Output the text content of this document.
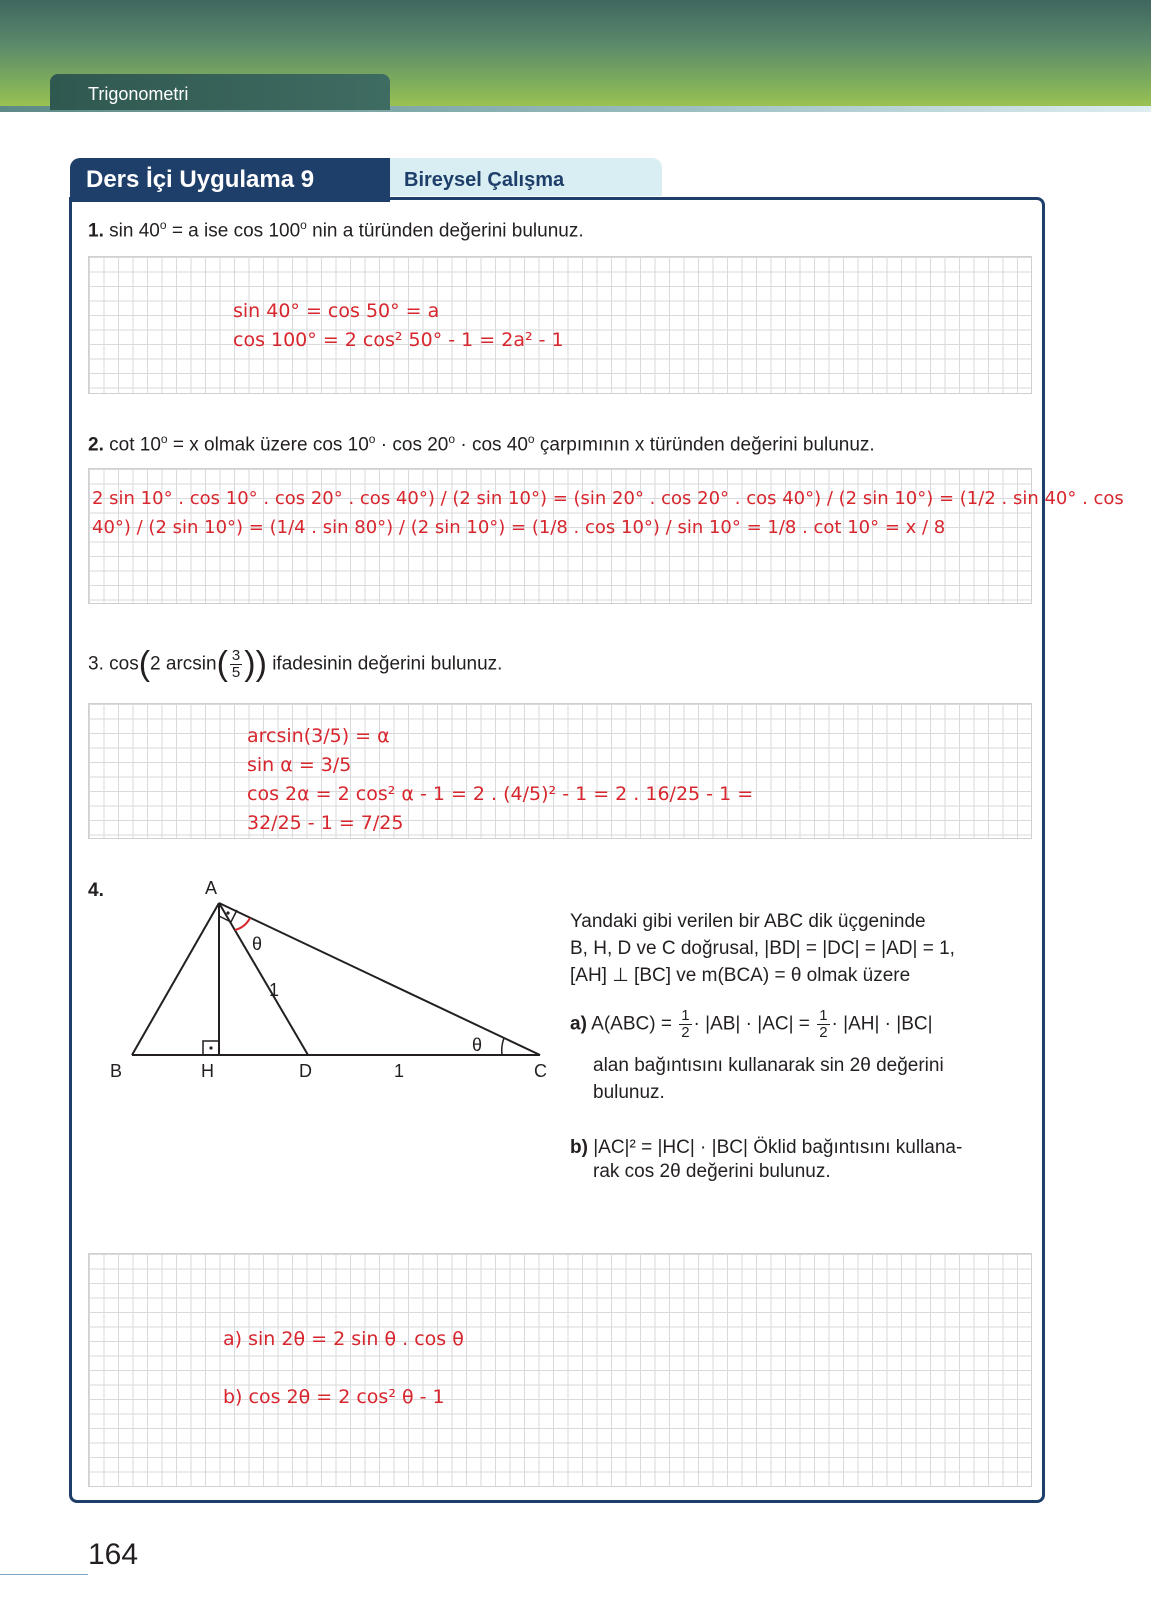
Trigonometri
Ders İçi Uygulama 9	Bireysel Çalışma
1. $\sin 40^o = a$ ise cos 100$^o$ nin a türünden değerini bulunuz.
sin 40° = cos 50° = a
cos 100° = 2 cos² 50° - 1 = 2a² - 1
2. $\cot 10^o = x$ olmak üzere $\cos 10^o \cdot \cos 20^o \cdot \cos 40^o$ çarpımının x türünden değerini bulunuz.
2 sin 10° . cos 10° . cos 20° . cos 40°) / (2 sin 10°) = (sin 20° . cos 20° . cos 40°) / (2 sin 10°) = (1/2 . sin 40° . cos
40°) / (2 sin 10°) = (1/4 . sin 80°) / (2 sin 10°) = (1/8 . cos 10°) / sin 10° = 1/8 . cot 10° = x / 8
3. cos(2 $\arcsin( \frac{3}{5}$ )) ifadesinin değerini bulunuz.
arcsin(3/5) = α
sin α = 3/5
cos 2α = 2 cos² α - 1 = 2 . (4/5)² - 1 = 2 . 16/25 - 1 =
32/25 - 1 = 7/25
4.	A
B	H	D	C
1
1
θ
θ
Yandaki gibi verilen bir ABC dik üçgeninde
B, H, D ve C doğrusal, |BD| = |DC| = |AD| = 1,
[AH] ⊥ [BC] ve m(BCA) = θ olmak üzere
a) $A(ABC) = \frac{1}{2} \cdot |AB| \cdot |AC| = \frac{1}{2} \cdot |AH| \cdot |BC|$
alan bağıntısını kullanarak sin 2θ değerini
bulunuz.
b) |AC|² = |HC| · |BC| Öklid bağıntısını kullana-
rak cos 2θ değerini bulunuz.
a) sin 2θ = 2 sin θ . cos θ
b) cos 2θ = 2 cos² θ - 1
164
